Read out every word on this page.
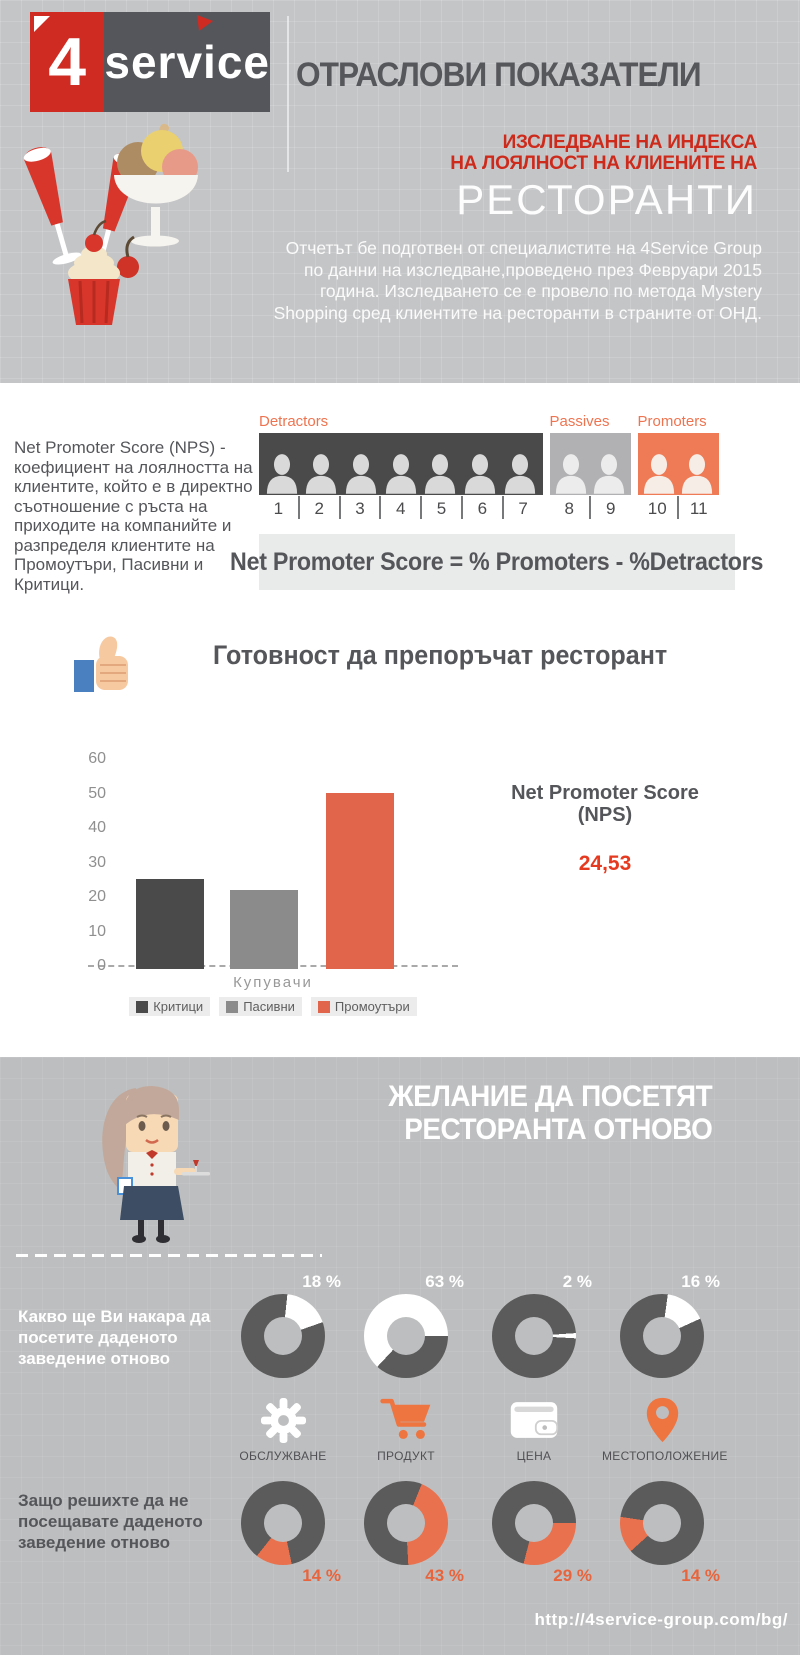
4 service ОТРАСЛОВИ ПОКАЗАТЕЛИ
ИЗСЛЕДВАНЕ НА ИНДЕКСА
НА ЛОЯЛНОСТ НА КЛИЕНИТЕ НА
РЕСТОРАНТИ
Отчетът бе подготвен от специалистите на 4Service Group по данни на изследване,проведено през Февруари 2015 година. Изследването се е провело по метода Mystery Shopping сред клиентите на ресторанти в страните от ОНД.
Net Promoter Score (NPS) - коефициент на лоялността на клиентите, който е в директно съотношение с ръста на приходите на компанийте и разпределя клиентите на Промоутъри, Пасивни и Критици.
Detractors
1	2	3	4	5	6	7
Passives
8	9
Promoters
10	11
Net Promoter Score = % Promoters - %Detractors
Готовност да препоръчат ресторант
Купувачи
Критици	Пасивни	Промоутъри
0
10
20
30
40
50
60
Net Promoter Score
(NPS)
24,53
ЖЕЛАНИЕ ДА ПОСЕТЯТ
РЕСТОРАНТА ОТНОВО
Какво ще Ви накара да посетите даденото заведение отново
Защо решихте да не посещавате даденото заведение отново
18 %
ОБСЛУЖВАНЕ
14 %
63 %
ПРОДУКТ
43 %
2 %
ЦЕНА
29 %
16 %
МЕСТОПОЛОЖЕНИЕ
14 %
http://4service-group.com/bg/
